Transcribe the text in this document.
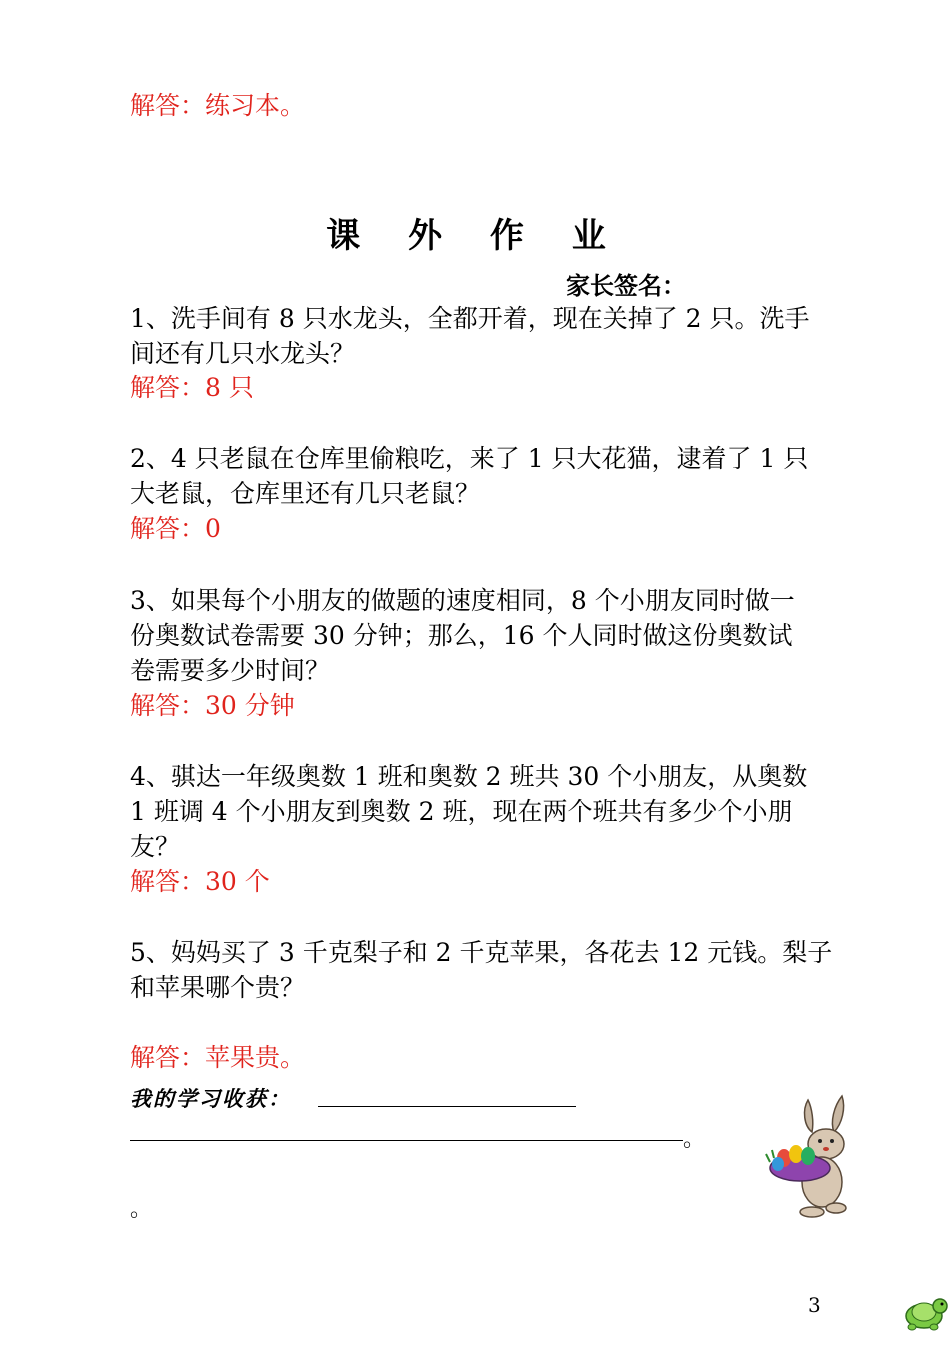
解答：练习本。
课 外 作 业
家长签名：
1、洗手间有 8 只水龙头，全都开着，现在关掉了 2 只。洗手
间还有几只水龙头？
解答：8 只
2、4 只老鼠在仓库里偷粮吃，来了 1 只大花猫，逮着了 1 只
大老鼠，仓库里还有几只老鼠？
解答：0
3、如果每个小朋友的做题的速度相同，8 个小朋友同时做一
份奥数试卷需要 30 分钟；那么，16 个人同时做这份奥数试
卷需要多少时间？
解答：30 分钟
4、骐达一年级奥数 1 班和奥数 2 班共 30 个小朋友，从奥数
1 班调 4 个小朋友到奥数 2 班，现在两个班共有多少个小朋
友？
解答：30 个
5、妈妈买了 3 千克梨子和 2 千克苹果，各花去 12 元钱。梨子
和苹果哪个贵？
解答：苹果贵。
我的学习收获：
。
。
3
